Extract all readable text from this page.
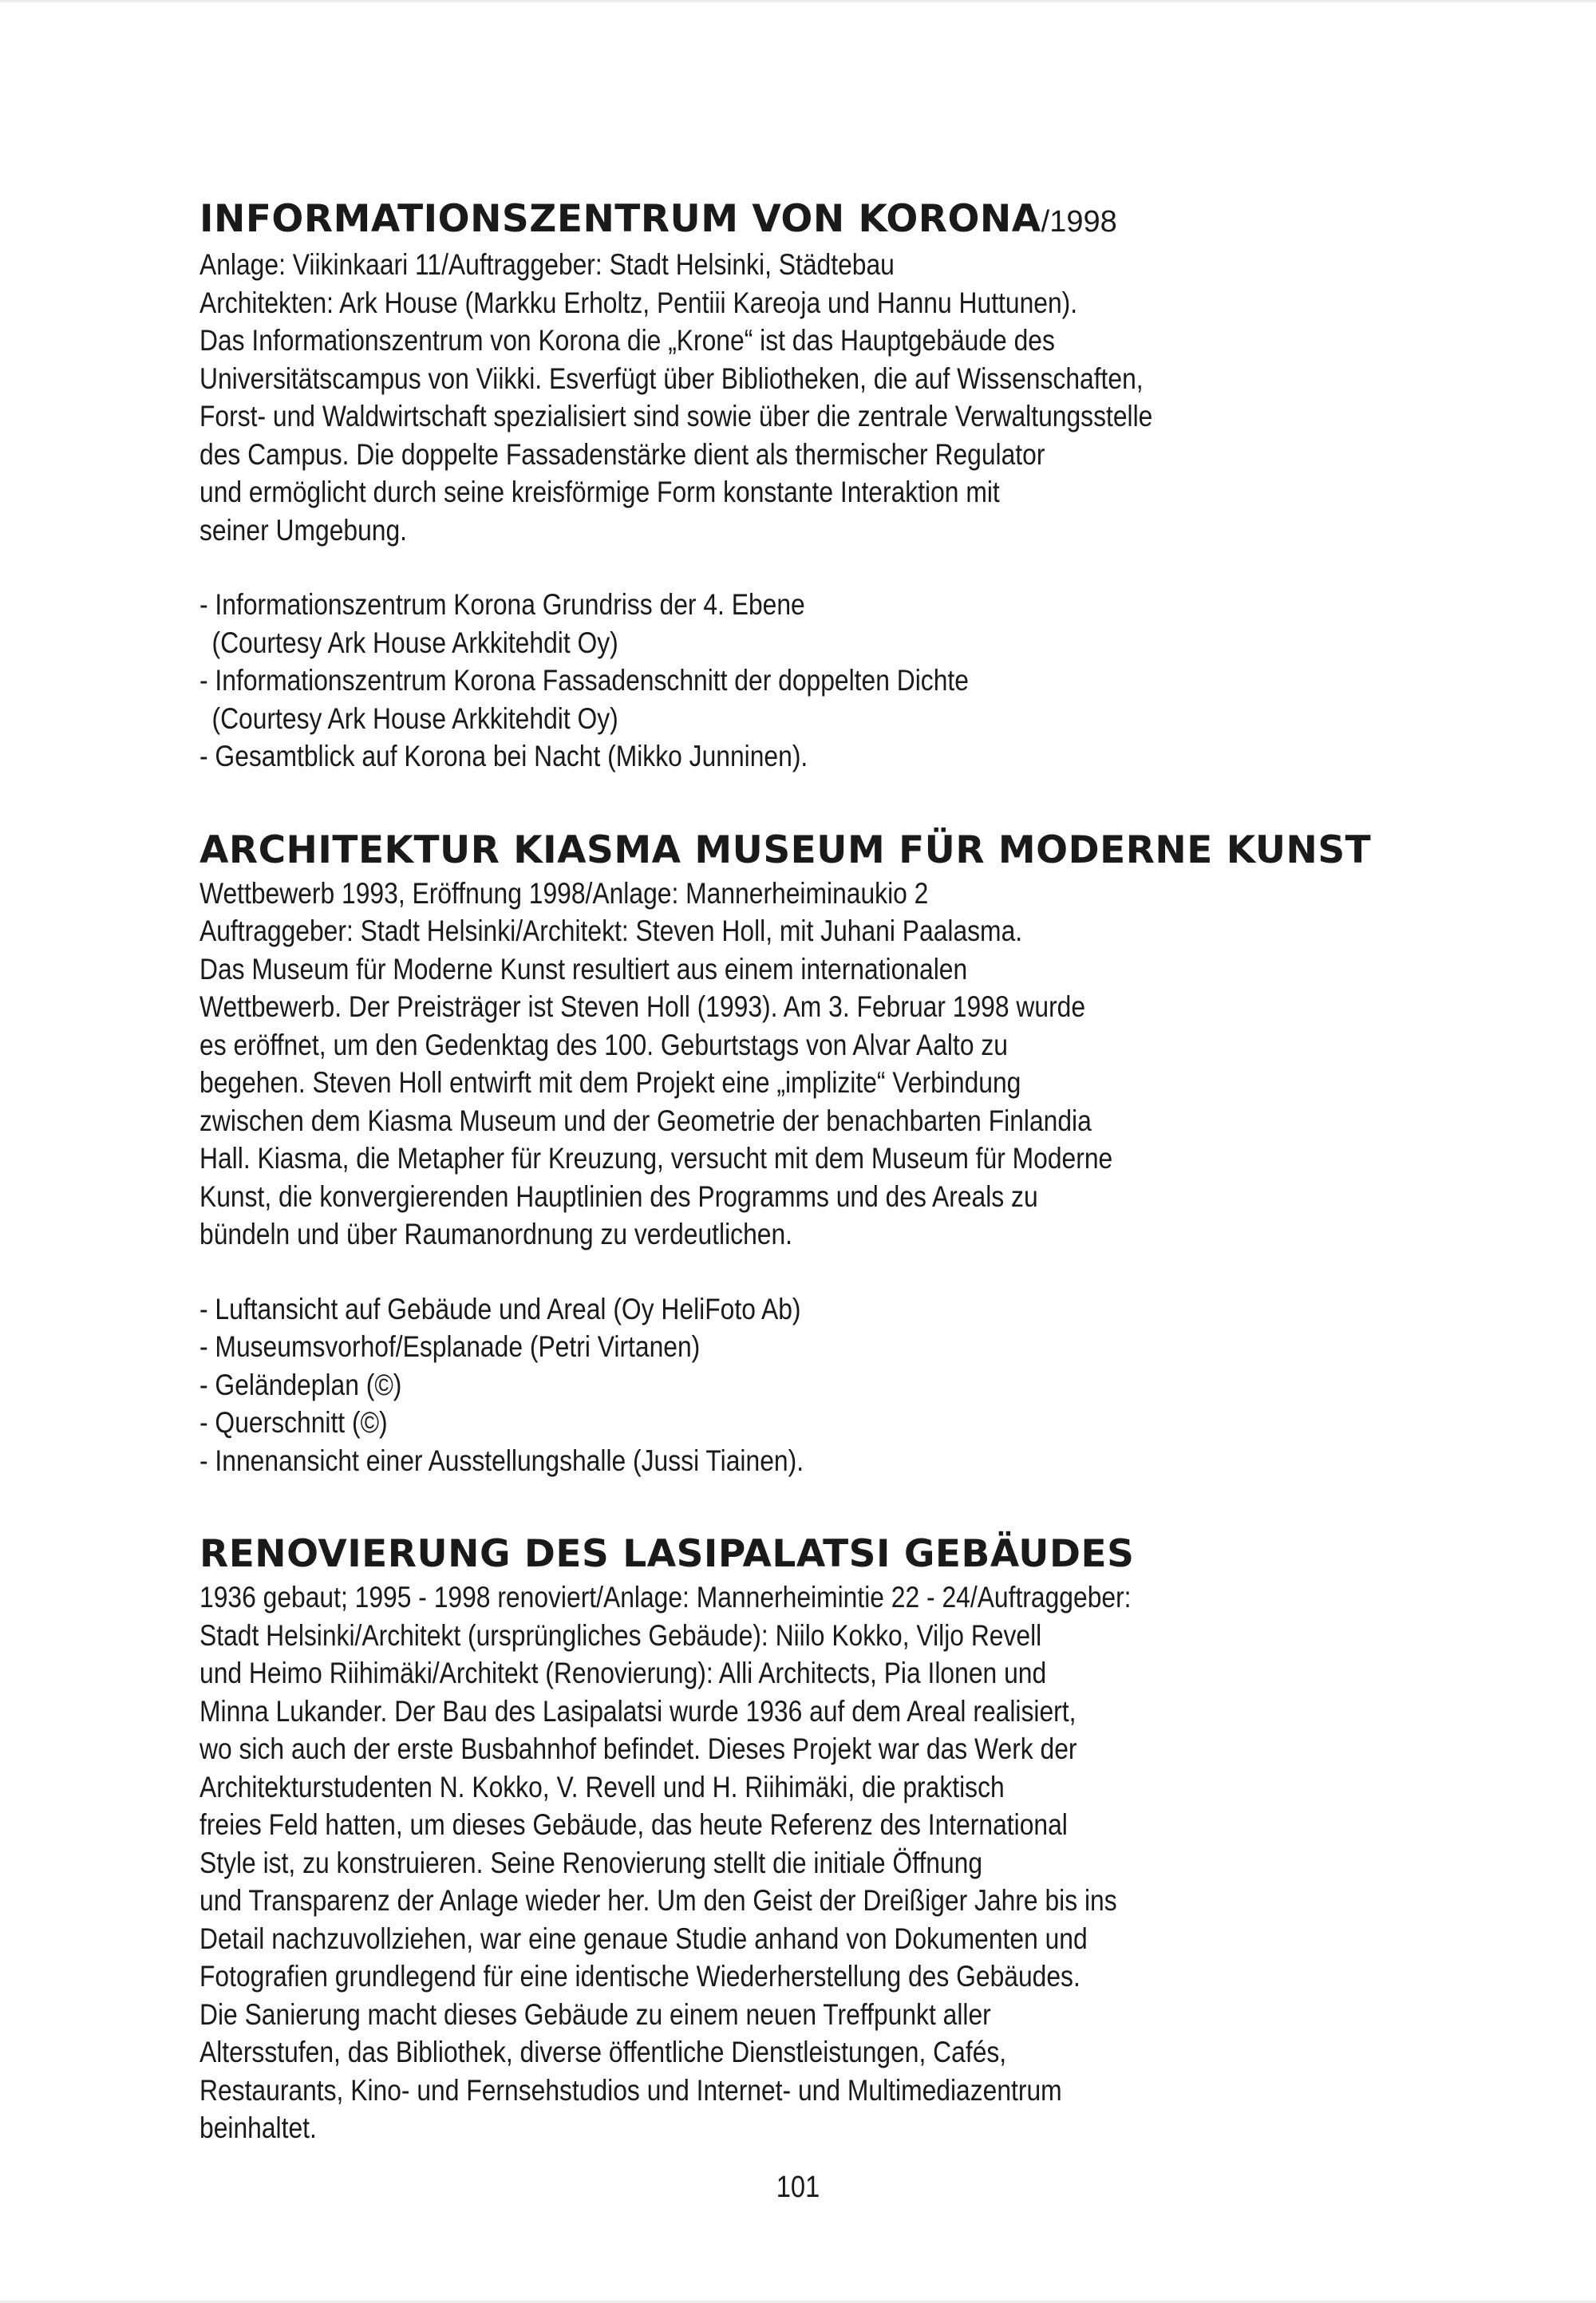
INFORMATIONSZENTRUM VON KORONA/1998

Anlage: Viikinkaari 11/Auftraggeber: Stadt Helsinki, Städtebau

Architekten: Ark House (Markku Erholtz, Pentiii Kareoja und Hannu Huttunen).

Das Informationszentrum von Korona die „Krone“ ist das Hauptgebäude des

Universitätscampus von Viikki. Esverfügt über Bibliotheken, die auf Wissenschaften,

Forst- und Waldwirtschaft spezialisiert sind sowie über die zentrale Verwaltungsstelle

des Campus. Die doppelte Fassadenstärke dient als thermischer Regulator

und ermöglicht durch seine kreisförmige Form konstante Interaktion mit

seiner Umgebung.

- Informationszentrum Korona Grundriss der 4. Ebene

(Courtesy Ark House Arkkitehdit Oy)

- Informationszentrum Korona Fassadenschnitt der doppelten Dichte

(Courtesy Ark House Arkkitehdit Oy)

- Gesamtblick auf Korona bei Nacht (Mikko Junninen).

ARCHITEKTUR KIASMA MUSEUM FÜR MODERNE KUNST

Wettbewerb 1993, Eröffnung 1998/Anlage: Mannerheiminaukio 2

Auftraggeber: Stadt Helsinki/Architekt: Steven Holl, mit Juhani Paalasma.

Das Museum für Moderne Kunst resultiert aus einem internationalen

Wettbewerb. Der Preisträger ist Steven Holl (1993). Am 3. Februar 1998 wurde

es eröffnet, um den Gedenktag des 100. Geburtstags von Alvar Aalto zu

begehen. Steven Holl entwirft mit dem Projekt eine „implizite“ Verbindung

zwischen dem Kiasma Museum und der Geometrie der benachbarten Finlandia

Hall. Kiasma, die Metapher für Kreuzung, versucht mit dem Museum für Moderne

Kunst, die konvergierenden Hauptlinien des Programms und des Areals zu

bündeln und über Raumanordnung zu verdeutlichen.

- Luftansicht auf Gebäude und Areal (Oy HeliFoto Ab)

- Museumsvorhof/Esplanade (Petri Virtanen)

- Geländeplan (©)

- Querschnitt (©)

- Innenansicht einer Ausstellungshalle (Jussi Tiainen).

RENOVIERUNG DES LASIPALATSI GEBÄUDES

1936 gebaut; 1995 - 1998 renoviert/Anlage: Mannerheimintie 22 - 24/Auftraggeber:

Stadt Helsinki/Architekt (ursprüngliches Gebäude): Niilo Kokko, Viljo Revell

und Heimo Riihimäki/Architekt (Renovierung): Alli Architects, Pia Ilonen und

Minna Lukander. Der Bau des Lasipalatsi wurde 1936 auf dem Areal realisiert,

wo sich auch der erste Busbahnhof befindet. Dieses Projekt war das Werk der

Architekturstudenten N. Kokko, V. Revell und H. Riihimäki, die praktisch

freies Feld hatten, um dieses Gebäude, das heute Referenz des International

Style ist, zu konstruieren. Seine Renovierung stellt die initiale Öffnung

und Transparenz der Anlage wieder her. Um den Geist der Dreißiger Jahre bis ins

Detail nachzuvollziehen, war eine genaue Studie anhand von Dokumenten und

Fotografien grundlegend für eine identische Wiederherstellung des Gebäudes.

Die Sanierung macht dieses Gebäude zu einem neuen Treffpunkt aller

Altersstufen, das Bibliothek, diverse öffentliche Dienstleistungen, Cafés,

Restaurants, Kino- und Fernsehstudios und Internet- und Multimediazentrum

beinhaltet.

101
